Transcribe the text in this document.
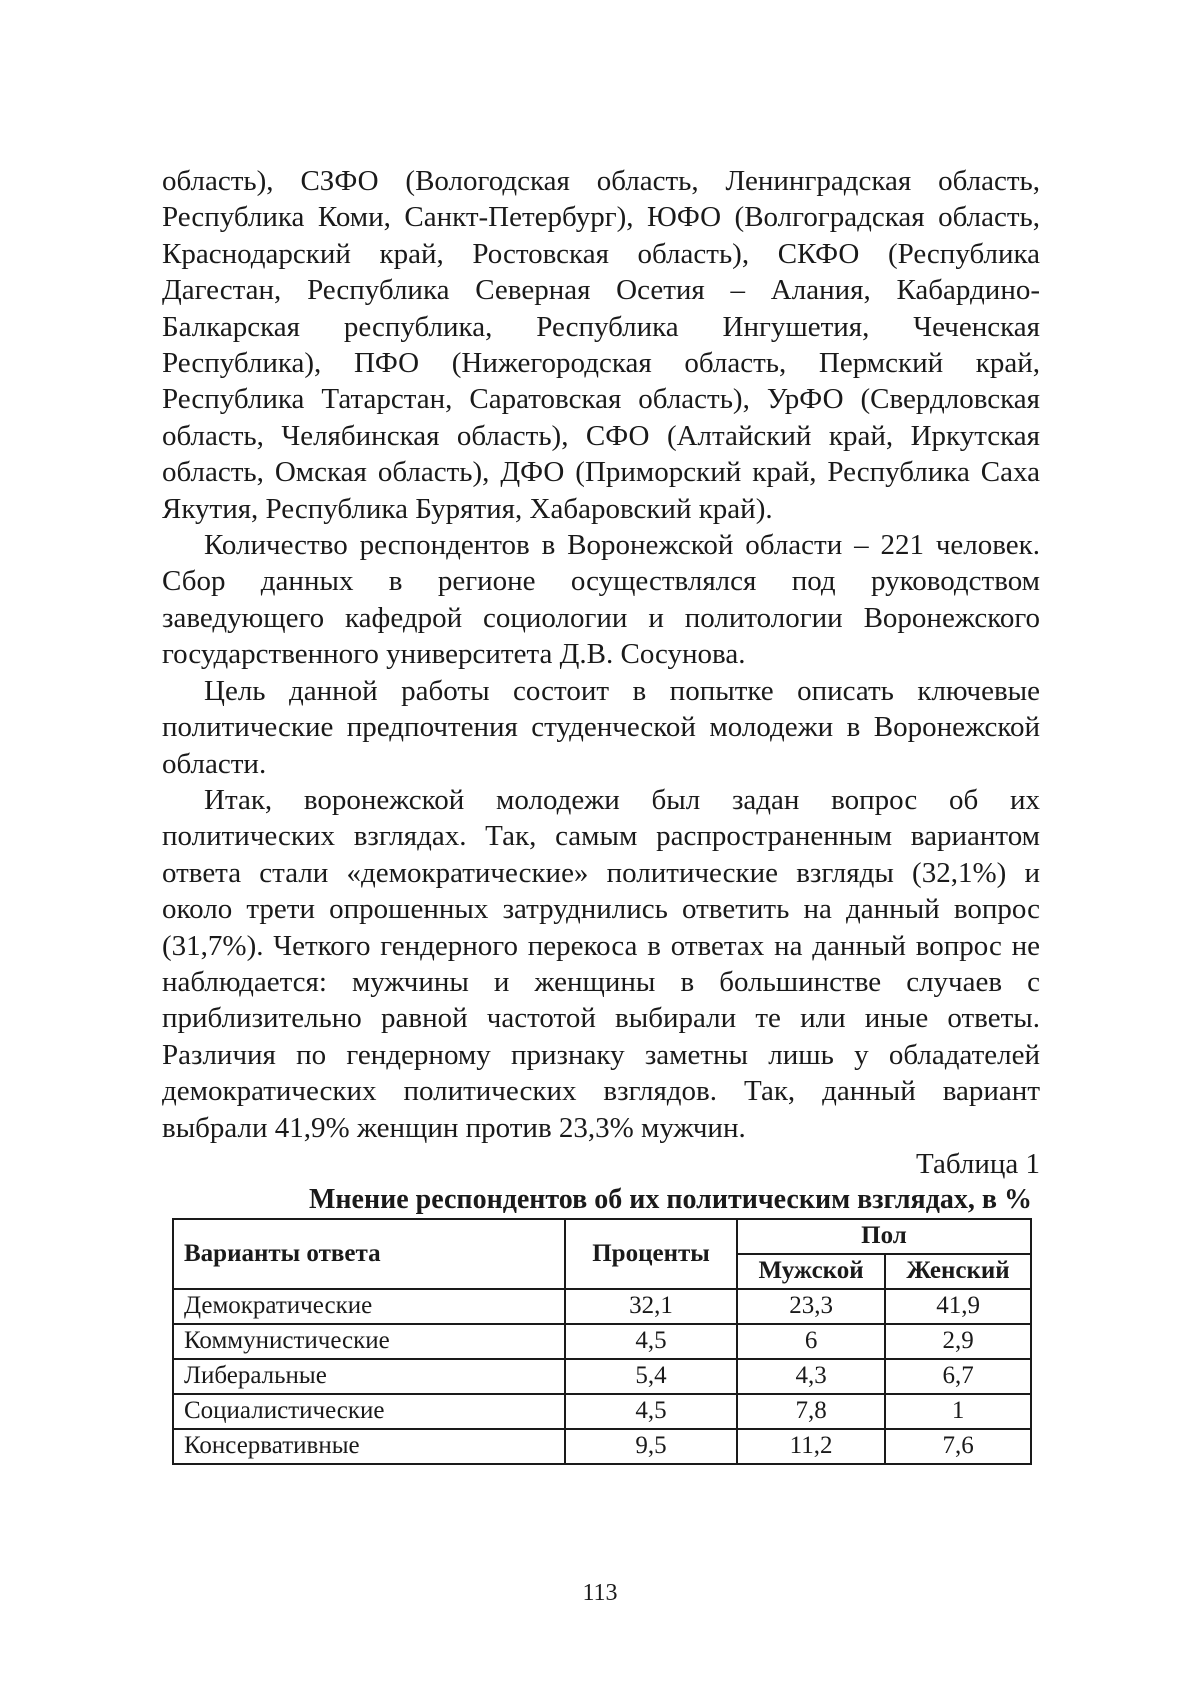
область), СЗФО (Вологодская область, Ленинградская область, Республика Коми, Санкт-Петербург), ЮФО (Волгоградская область, Краснодарский край, Ростовская область), СКФО (Республика Дагестан, Республика Северная Осетия – Алания, Кабардино-Балкарская республика, Республика Ингушетия, Чеченская Республика), ПФО (Нижегородская область, Пермский край, Республика Татарстан, Саратовская область), УрФО (Свердловская область, Челябинская область), СФО (Алтайский край, Иркутская область, Омская область), ДФО (Приморский край, Республика Саха Якутия, Республика Бурятия, Хабаровский край).

Количество респондентов в Воронежской области – 221 человек. Сбор данных в регионе осуществлялся под руководством заведующего кафедрой социологии и политологии Воронежского государственного университета Д.В. Сосунова.

Цель данной работы состоит в попытке описать ключевые политические предпочтения студенческой молодежи в Воронежской области.

Итак, воронежской молодежи был задан вопрос об их политических взглядах. Так, самым распространенным вариантом ответа стали «демократические» политические взгляды (32,1%) и около трети опрошенных затруднились ответить на данный вопрос (31,7%). Четкого гендерного перекоса в ответах на данный вопрос не наблюдается: мужчины и женщины в большинстве случаев с приблизительно равной частотой выбирали те или иные ответы. Различия по гендерному признаку заметны лишь у обладателей демократических политических взглядов. Так, данный вариант выбрали 41,9% женщин против 23,3% мужчин.

Таблица 1

Мнение респондентов об их политическим взглядах, в %

Варианты ответа	Проценты	Пол	
		Мужской	Женский
Демократические	32,1	23,3	41,9
Коммунистические	4,5	6	2,9
Либеральные	5,4	4,3	6,7
Социалистические	4,5	7,8	1
Консервативные	9,5	11,2	7,6
113
